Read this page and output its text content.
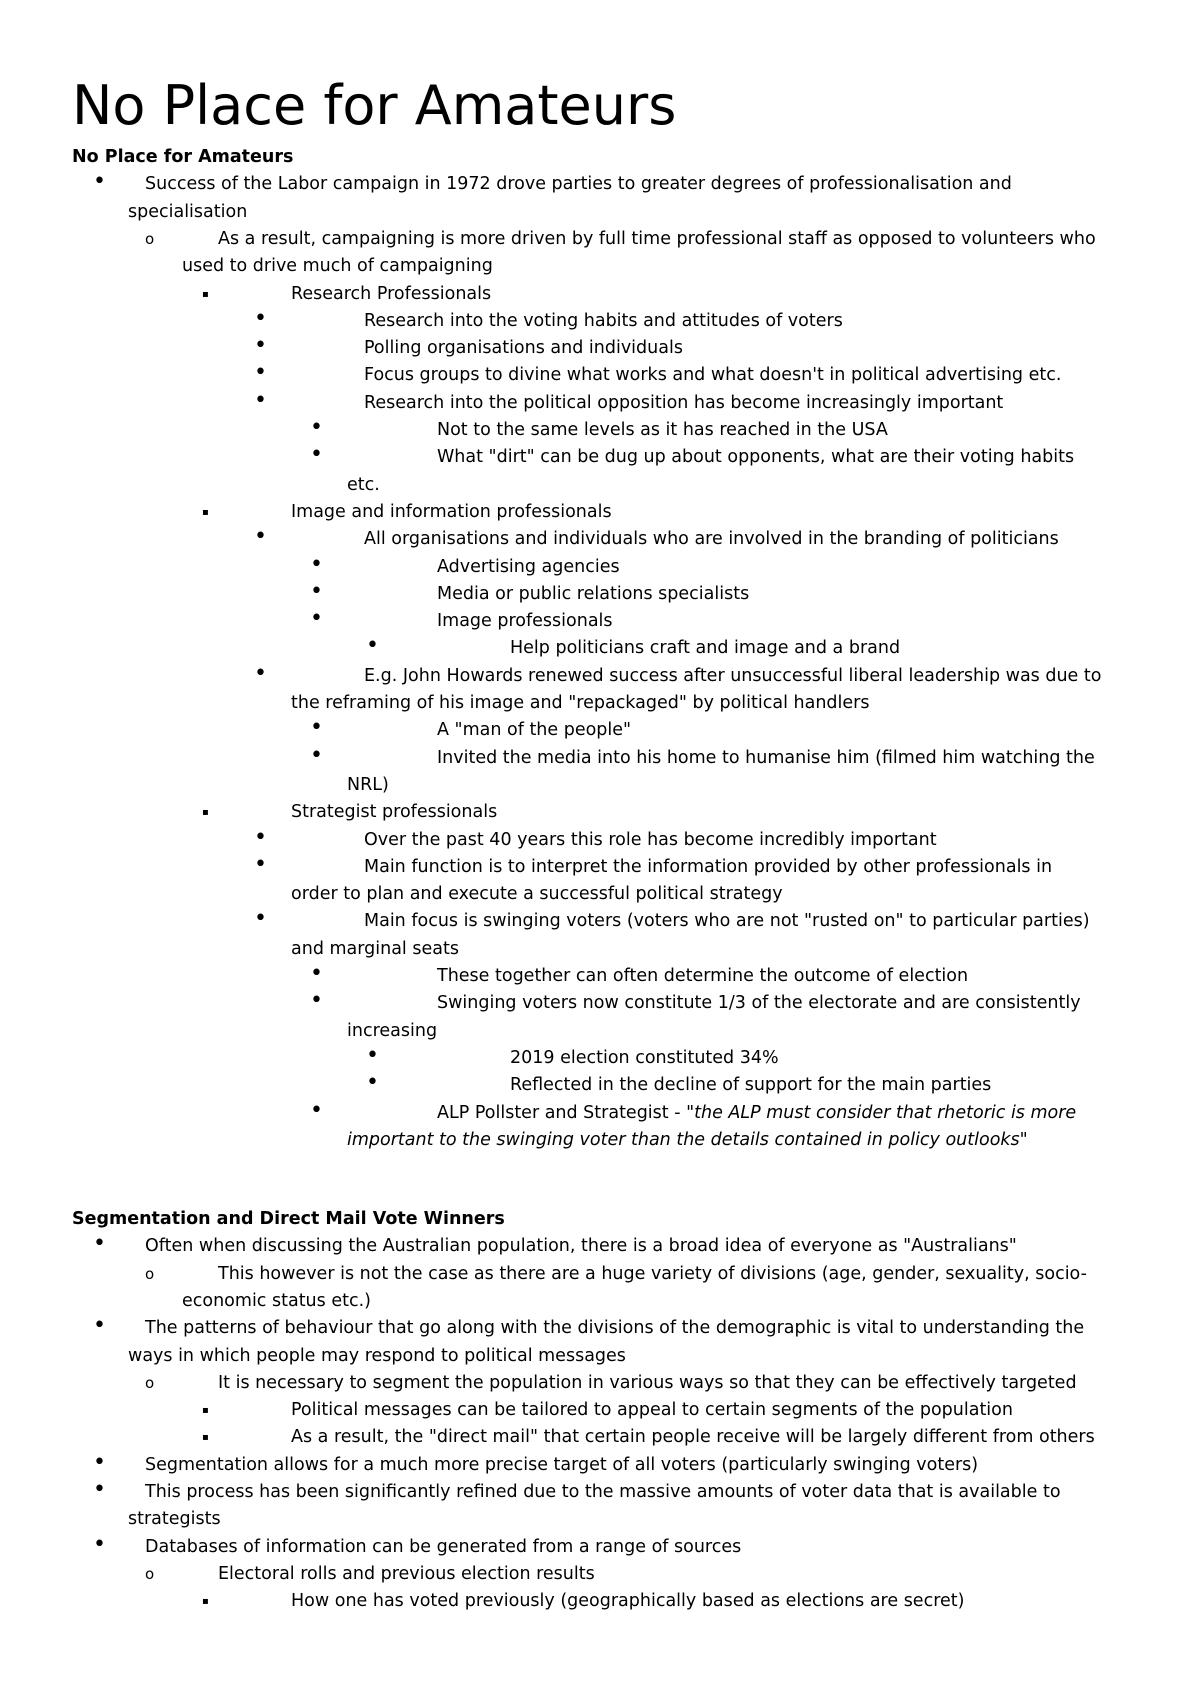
No Place for Amateurs
No Place for Amateurs
• Success of the Labor campaign in 1972 drove parties to greater degrees of professionalisation and
specialisation
o	As a result, campaigning is more driven by full time professional staff as opposed to volunteers who
used to drive much of campaigning
▪	Research Professionals
•	Research into the voting habits and attitudes of voters
•	Polling organisations and individuals
•	Focus groups to divine what works and what doesn't in political advertising etc.
•	Research into the political opposition has become increasingly important
•	Not to the same levels as it has reached in the USA
•	What "dirt" can be dug up about opponents, what are their voting habits
etc.
▪	Image and information professionals
•	All organisations and individuals who are involved in the branding of politicians
•	Advertising agencies
•	Media or public relations specialists
•	Image professionals
•	Help politicians craft and image and a brand
•	E.g. John Howards renewed success after unsuccessful liberal leadership was due to
the reframing of his image and "repackaged" by political handlers
•	A "man of the people"
•	Invited the media into his home to humanise him (filmed him watching the
NRL)
▪	Strategist professionals
•	Over the past 40 years this role has become incredibly important
•	Main function is to interpret the information provided by other professionals in
order to plan and execute a successful political strategy
•	Main focus is swinging voters (voters who are not "rusted on" to particular parties)
and marginal seats
•	These together can often determine the outcome of election
•	Swinging voters now constitute 1/3 of the electorate and are consistently
increasing
•	2019 election constituted 34%
•	Reflected in the decline of support for the main parties
•	ALP Pollster and Strategist - "the ALP must consider that rhetoric is more
important to the swinging voter than the details contained in policy outlooks"
Segmentation and Direct Mail Vote Winners
• Often when discussing the Australian population, there is a broad idea of everyone as "Australians"
o	This however is not the case as there are a huge variety of divisions (age, gender, sexuality, socio-
economic status etc.)
• The patterns of behaviour that go along with the divisions of the demographic is vital to understanding the
ways in which people may respond to political messages
o	It is necessary to segment the population in various ways so that they can be effectively targeted
▪	Political messages can be tailored to appeal to certain segments of the population
▪	As a result, the "direct mail" that certain people receive will be largely different from others
• Segmentation allows for a much more precise target of all voters (particularly swinging voters)
• This process has been significantly refined due to the massive amounts of voter data that is available to
strategists
• Databases of information can be generated from a range of sources
o	Electoral rolls and previous election results
▪	How one has voted previously (geographically based as elections are secret)
